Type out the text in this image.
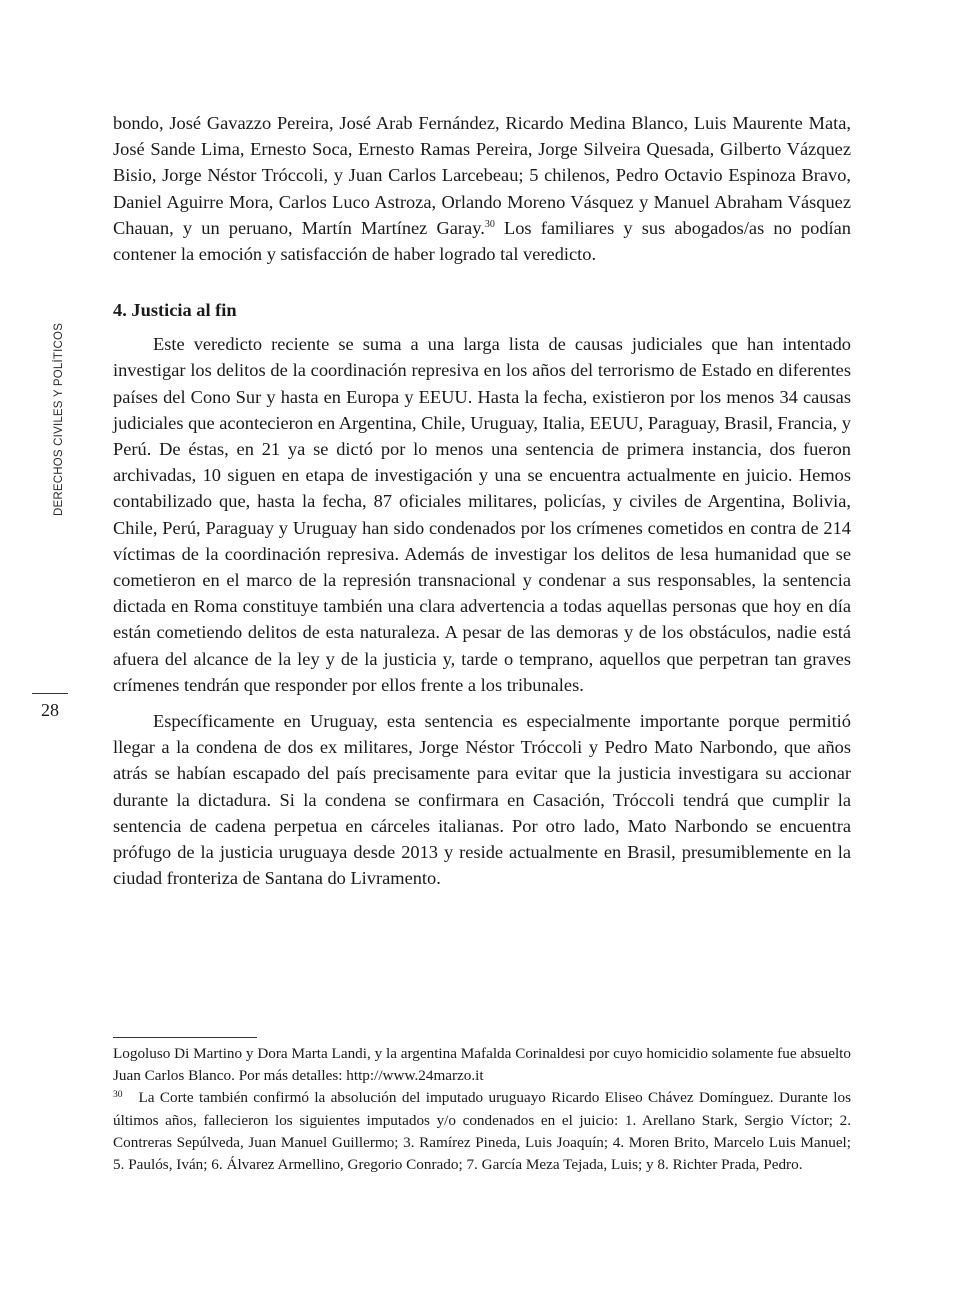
DERECHOS CIVILES Y POLÍTICOS
28

bondo, José Gavazzo Pereira, José Arab Fernández, Ricardo Medina Blanco, Luis Maurente Mata, José Sande Lima, Ernesto Soca, Ernesto Ramas Pereira, Jorge Silveira Quesada, Gilberto Vázquez Bisio, Jorge Néstor Tróccoli, y Juan Carlos Larcebeau; 5 chilenos, Pedro Octavio Espinoza Bravo, Daniel Aguirre Mora, Carlos Luco Astroza, Orlando Moreno Vásquez y Manuel Abraham Vásquez Chauan, y un peruano, Martín Martínez Garay.$^{30}$ Los familiares y sus abogados/as no podían contener la emoción y satisfacción de haber logrado tal veredicto.

4. Justicia al fin

Este veredicto reciente se suma a una larga lista de causas judiciales que han intentado investigar los delitos de la coordinación represiva en los años del terrorismo de Estado en diferentes países del Cono Sur y hasta en Europa y EEUU. Hasta la fecha, existieron por los menos 34 causas judiciales que acontecieron en Argentina, Chile, Uruguay, Italia, EEUU, Paraguay, Brasil, Francia, y Perú. De éstas, en 21 ya se dictó por lo menos una sentencia de primera instancia, dos fueron archivadas, 10 siguen en etapa de investigación y una se encuentra actualmente en juicio. Hemos contabilizado que, hasta la fecha, 87 oficiales militares, policías, y civiles de Argentina, Bolivia, Chile, Perú, Paraguay y Uruguay han sido condenados por los crímenes cometidos en contra de 214 víctimas de la coordinación represiva. Además de investigar los delitos de lesa humanidad que se cometieron en el marco de la represión transnacional y condenar a sus responsables, la sentencia dictada en Roma constituye también una clara advertencia a todas aquellas personas que hoy en día están cometiendo delitos de esta naturaleza. A pesar de las demoras y de los obstáculos, nadie está afuera del alcance de la ley y de la justicia y, tarde o temprano, aquellos que perpetran tan graves crímenes tendrán que responder por ellos frente a los tribunales.

Específicamente en Uruguay, esta sentencia es especialmente importante porque permitió llegar a la condena de dos ex militares, Jorge Néstor Tróccoli y Pedro Mato Narbondo, que años atrás se habían escapado del país precisamente para evitar que la justicia investigara su accionar durante la dictadura. Si la condena se confirmara en Casación, Tróccoli tendrá que cumplir la sentencia de cadena perpetua en cárceles italianas. Por otro lado, Mato Narbondo se encuentra prófugo de la justicia uruguaya desde 2013 y reside actualmente en Brasil, presumiblemente en la ciudad fronteriza de Santana do Livramento.

Logoluso Di Martino y Dora Marta Landi, y la argentina Mafalda Corinaldesi por cuyo homicidio solamente fue absuelto Juan Carlos Blanco. Por más detalles: http://www.24marzo.it

$^{30}$ La Corte también confirmó la absolución del imputado uruguayo Ricardo Eliseo Chávez Domínguez. Durante los últimos años, fallecieron los siguientes imputados y/o condenados en el juicio: 1. Arellano Stark, Sergio Víctor; 2. Contreras Sepúlveda, Juan Manuel Guillermo; 3. Ramírez Pineda, Luis Joaquín; 4. Moren Brito, Marcelo Luis Manuel; 5. Paulós, Iván; 6. Álvarez Armellino, Gregorio Conrado; 7. García Meza Tejada, Luis; y 8. Richter Prada, Pedro.
